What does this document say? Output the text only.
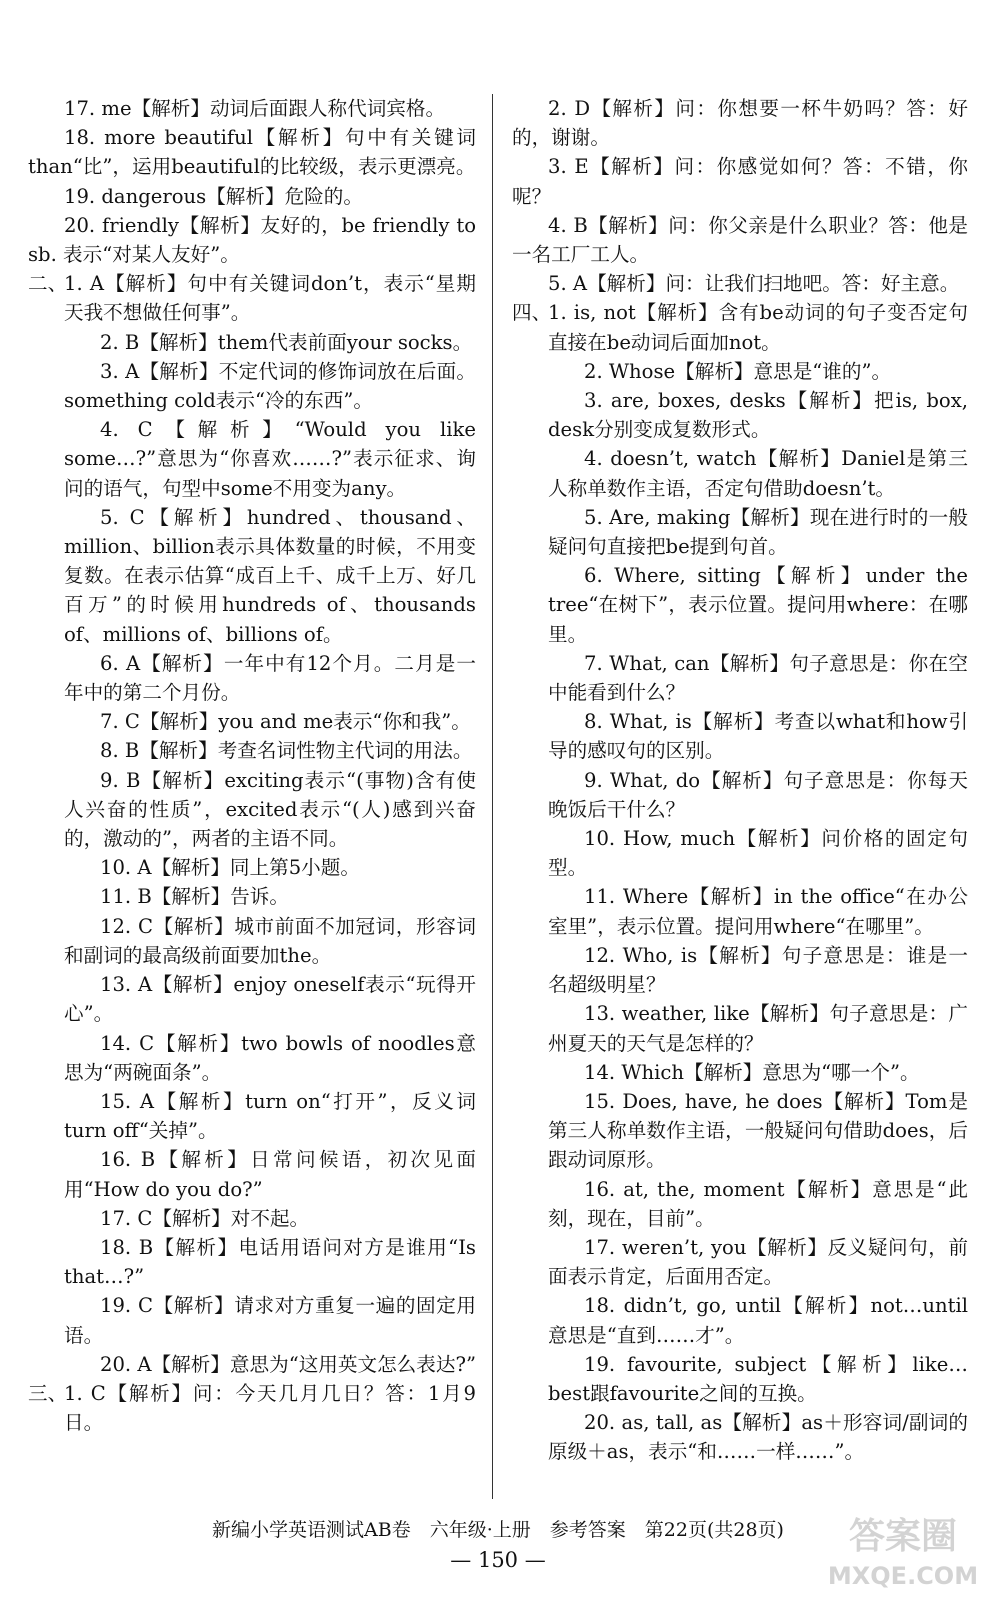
17. me【解析】动词后面跟人称代词宾格。
18. more beautiful【解析】句中有关键词than“比”，运用beautiful的比较级，表示更漂亮。
19. dangerous【解析】危险的。
20. friendly【解析】友好的，be friendly to sb. 表示“对某人友好”。
二、
1. A【解析】句中有关键词don’t，表示“星期天我不想做任何事”。
2. B【解析】them代表前面your socks。
3. A【解析】不定代词的修饰词放在后面。something cold表示“冷的东西”。
4. C【解析】“Would you like some…?”意思为“你喜欢……?”表示征求、询问的语气，句型中some不用变为any。
5. C【解析】hundred、thousand、million、billion表示具体数量的时候，不用变复数。在表示估算“成百上千、成千上万、好几百万”的时候用hundreds of、thousands of、millions of、billions of。
6. A【解析】一年中有12个月。二月是一年中的第二个月份。
7. C【解析】you and me表示“你和我”。
8. B【解析】考查名词性物主代词的用法。
9. B【解析】exciting表示“(事物)含有使人兴奋的性质”，excited表示“(人)感到兴奋的，激动的”，两者的主语不同。
10. A【解析】同上第5小题。
11. B【解析】告诉。
12. C【解析】城市前面不加冠词，形容词和副词的最高级前面要加the。
13. A【解析】enjoy oneself表示“玩得开心”。
14. C【解析】two bowls of noodles意思为“两碗面条”。
15. A【解析】turn on“打开”，反义词turn off“关掉”。
16. B【解析】日常问候语，初次见面用“How do you do?”
17. C【解析】对不起。
18. B【解析】电话用语问对方是谁用“Is that…?”
19. C【解析】请求对方重复一遍的固定用语。
20. A【解析】意思为“这用英文怎么表达?”
三、
1. C【解析】问：今天几月几日？答：1月9日。
2. D【解析】问：你想要一杯牛奶吗？答：好的，谢谢。
3. E【解析】问：你感觉如何？答：不错，你呢？
4. B【解析】问：你父亲是什么职业？答：他是一名工厂工人。
5. A【解析】问：让我们扫地吧。答：好主意。
四、
1. is, not【解析】含有be动词的句子变否定句直接在be动词后面加not。
2. Whose【解析】意思是“谁的”。
3. are, boxes, desks【解析】把is, box, desk分别变成复数形式。
4. doesn’t, watch【解析】Daniel是第三人称单数作主语，否定句借助doesn’t。
5. Are, making【解析】现在进行时的一般疑问句直接把be提到句首。
6. Where, sitting【解析】under the tree“在树下”，表示位置。提问用where：在哪里。
7. What, can【解析】句子意思是：你在空中能看到什么？
8. What, is【解析】考查以what和how引导的感叹句的区别。
9. What, do【解析】句子意思是：你每天晚饭后干什么？
10. How, much【解析】问价格的固定句型。
11. Where【解析】in the office“在办公室里”，表示位置。提问用where“在哪里”。
12. Who, is【解析】句子意思是：谁是一名超级明星？
13. weather, like【解析】句子意思是：广州夏天的天气是怎样的？
14. Which【解析】意思为“哪一个”。
15. Does, have, he does【解析】Tom是第三人称单数作主语，一般疑问句借助does，后跟动词原形。
16. at, the, moment【解析】意思是“此刻，现在，目前”。
17. weren’t, you【解析】反义疑问句，前面表示肯定，后面用否定。
18. didn’t, go, until【解析】not…until意思是“直到……才”。
19. favourite, subject【解析】like…best跟favourite之间的互换。
20. as, tall, as【解析】as＋形容词/副词的原级＋as，表示“和……一样……”。
新编小学英语测试AB卷　六年级·上册　参考答案　第22页(共28页)
— 150 —
答案圈
MXQE.COM
